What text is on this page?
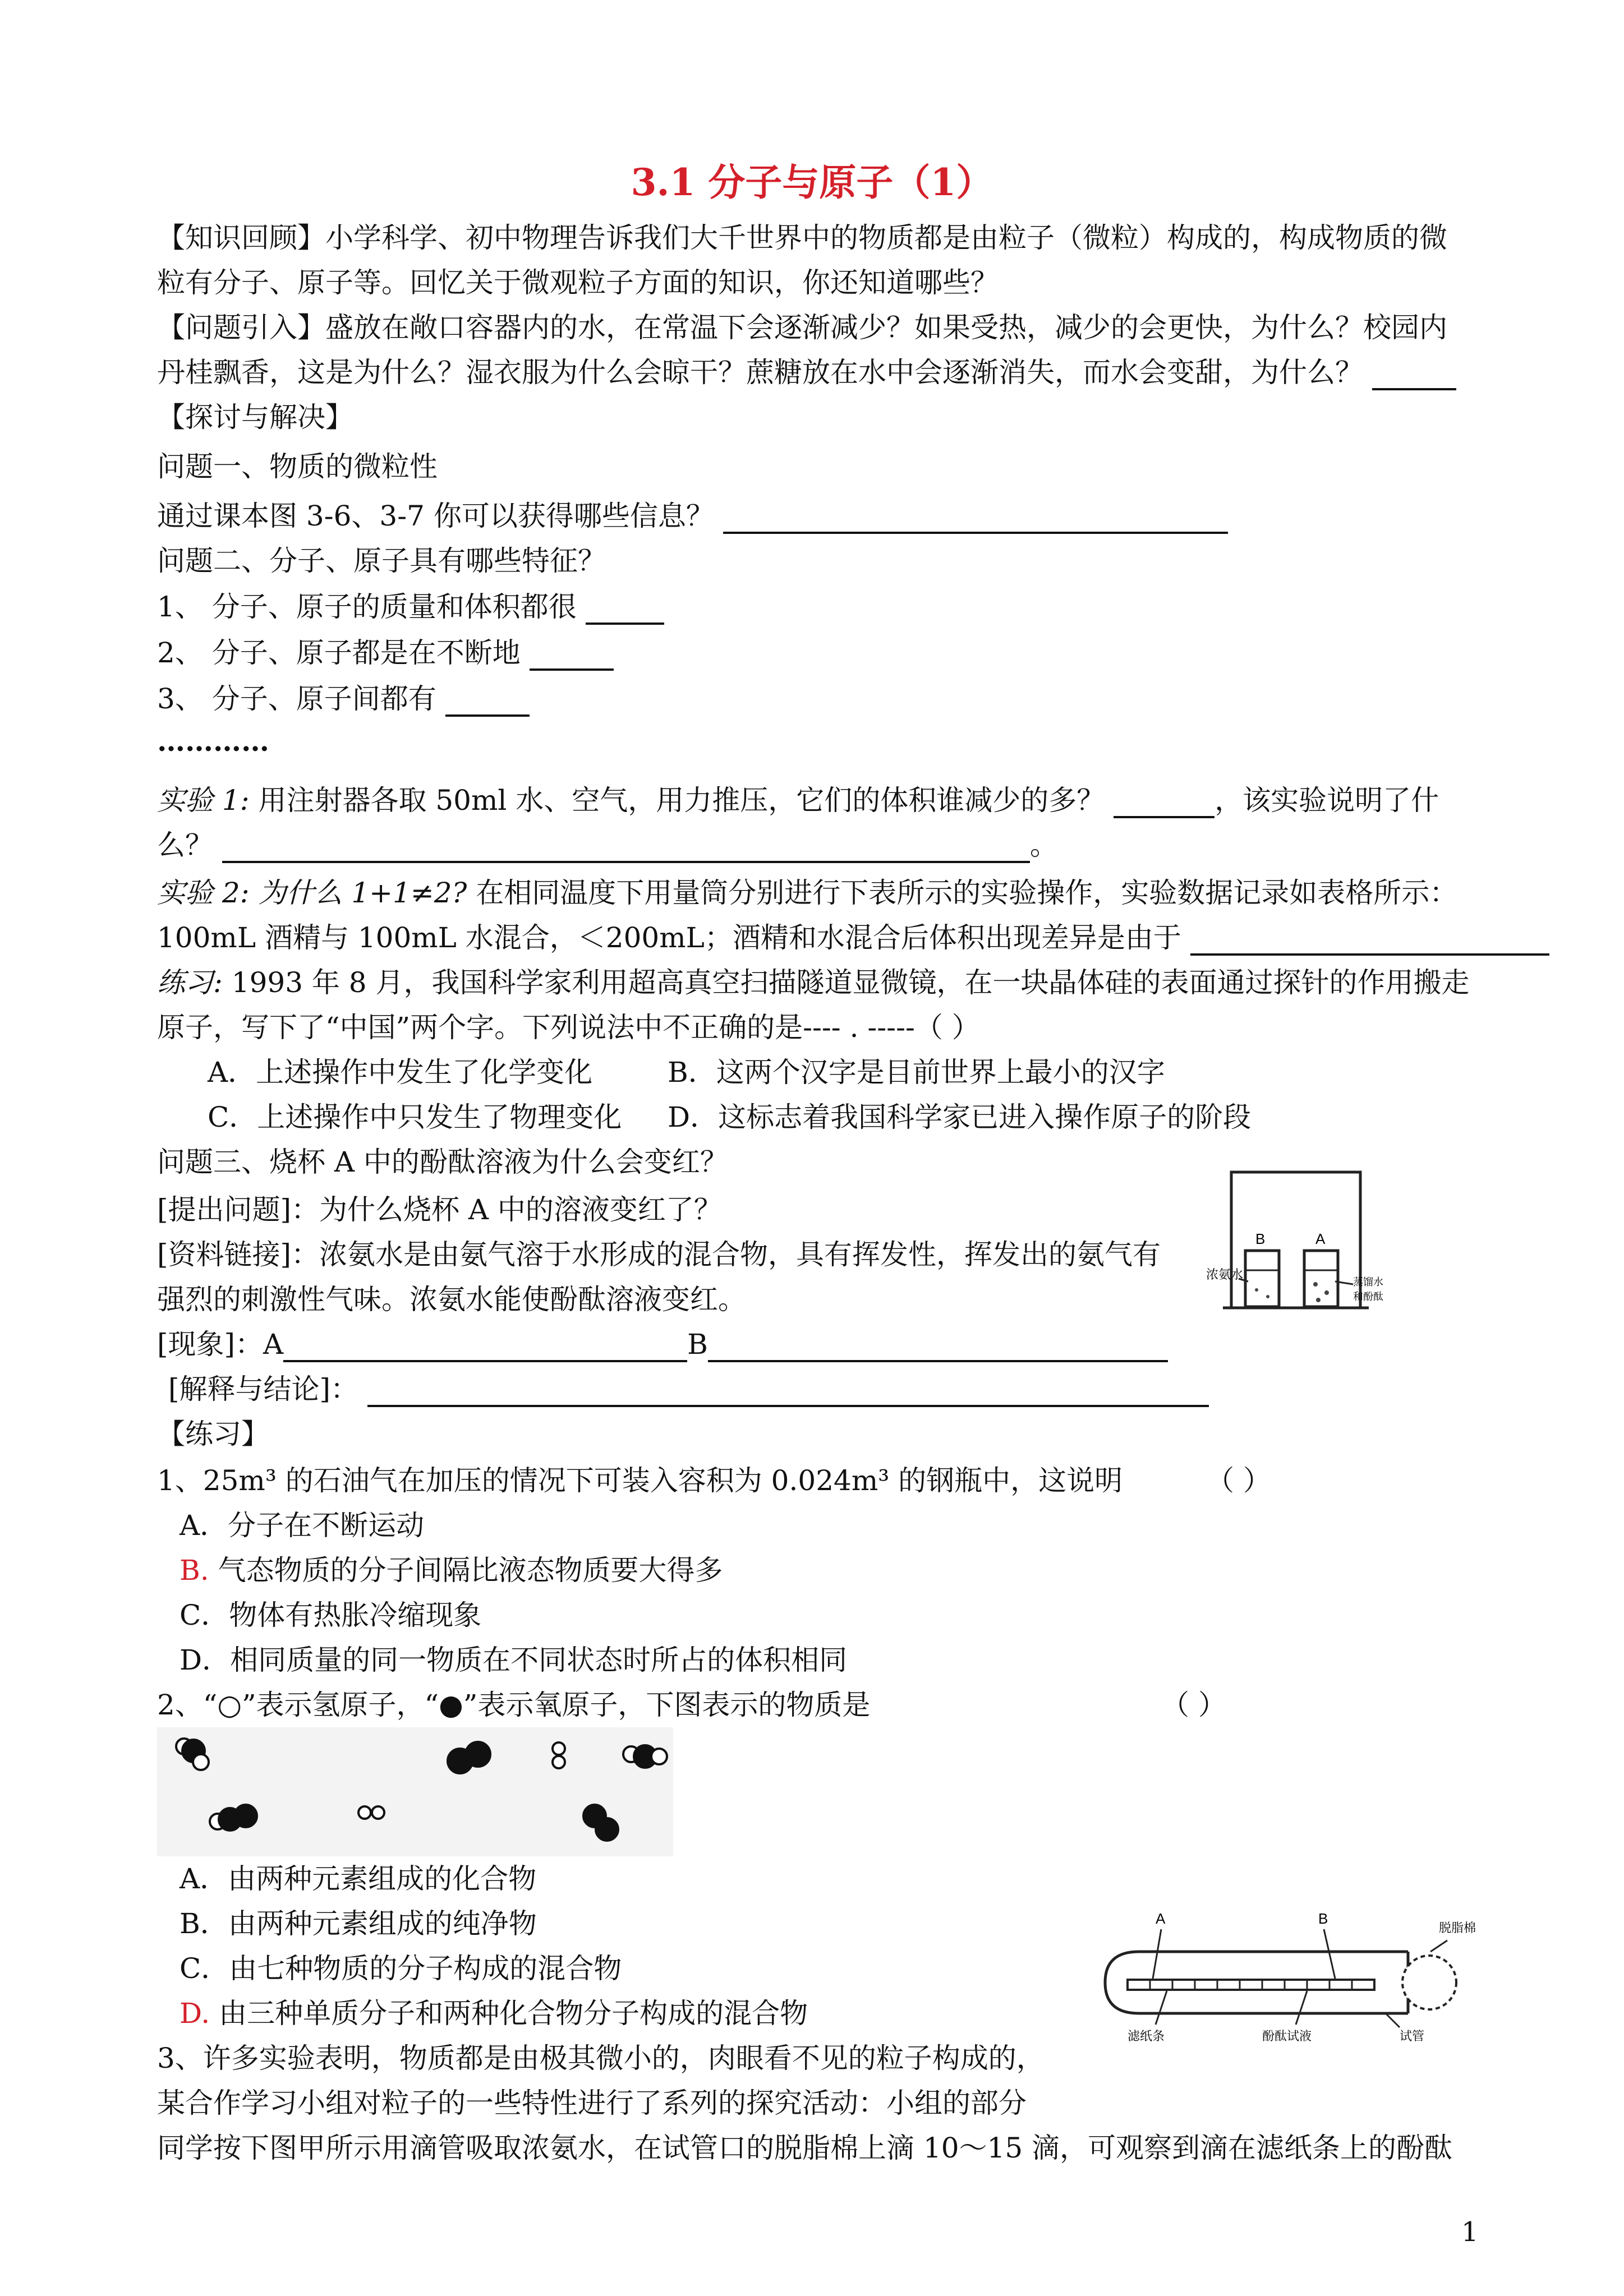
3.1 分子与原子（1）
【知识回顾】小学科学、初中物理告诉我们大千世界中的物质都是由粒子（微粒）构成的，构成物质的微
粒有分子、原子等。回忆关于微观粒子方面的知识，你还知道哪些？
【问题引入】盛放在敞口容器内的水，在常温下会逐渐减少？如果受热，减少的会更快，为什么？校园内
丹桂飘香，这是为什么？湿衣服为什么会晾干？蔗糖放在水中会逐渐消失，而水会变甜，为什么？
【探讨与解决】
问题一、物质的微粒性
通过课本图 3-6、3-7 你可以获得哪些信息？
问题二、分子、原子具有哪些特征？
1、 分子、原子的质量和体积都很
2、 分子、原子都是在不断地
3、 分子、原子间都有
…………
实验 1: 用注射器各取 50ml 水、空气，用力推压，它们的体积谁减少的多？	，该实验说明了什
么？	。
实验 2: 为什么 1+1≠2? 在相同温度下用量筒分别进行下表所示的实验操作，实验数据记录如表格所示：
100mL 酒精与 100mL 水混合，＜200mL；酒精和水混合后体积出现差异是由于
练习: 1993 年 8 月，我国科学家利用超高真空扫描隧道显微镜，在一块晶体硅的表面通过探针的作用搬走
原子，写下了“中国”两个字。下列说法中不正确的是---- . -----（ ）
A．上述操作中发生了化学变化	B．这两个汉字是目前世界上最小的汉字
C．上述操作中只发生了物理变化 D．这标志着我国科学家已进入操作原子的阶段
问题三、烧杯 A 中的酚酞溶液为什么会变红？
[提出问题]：为什么烧杯 A 中的溶液变红了？
[资料链接]：浓氨水是由氨气溶于水形成的混合物，具有挥发性，挥发出的氨气有
强烈的刺激性气味。浓氨水能使酚酞溶液变红。
[现象]：A	B
[解释与结论]：
B	A
浓氨水
蒸馏水
和酚酞
【练习】
1、25m³ 的石油气在加压的情况下可装入容积为 0.024m³ 的钢瓶中，这说明	（ ）
A．分子在不断运动
B. 气态物质的分子间隔比液态物质要大得多
C．物体有热胀冷缩现象
D．相同质量的同一物质在不同状态时所占的体积相同
2、“○”表示氢原子，“●”表示氧原子，下图表示的物质是	（ ）
A．由两种元素组成的化合物
B．由两种元素组成的纯净物
C．由七种物质的分子构成的混合物
D. 由三种单质分子和两种化合物分子构成的混合物
3、许多实验表明，物质都是由极其微小的，肉眼看不见的粒子构成的，
某合作学习小组对粒子的一些特性进行了系列的探究活动：小组的部分
同学按下图甲所示用滴管吸取浓氨水，在试管口的脱脂棉上滴 10～15 滴，可观察到滴在滤纸条上的酚酞
A	B
脱脂棉
滤纸条	酚酞试液	试管
1
